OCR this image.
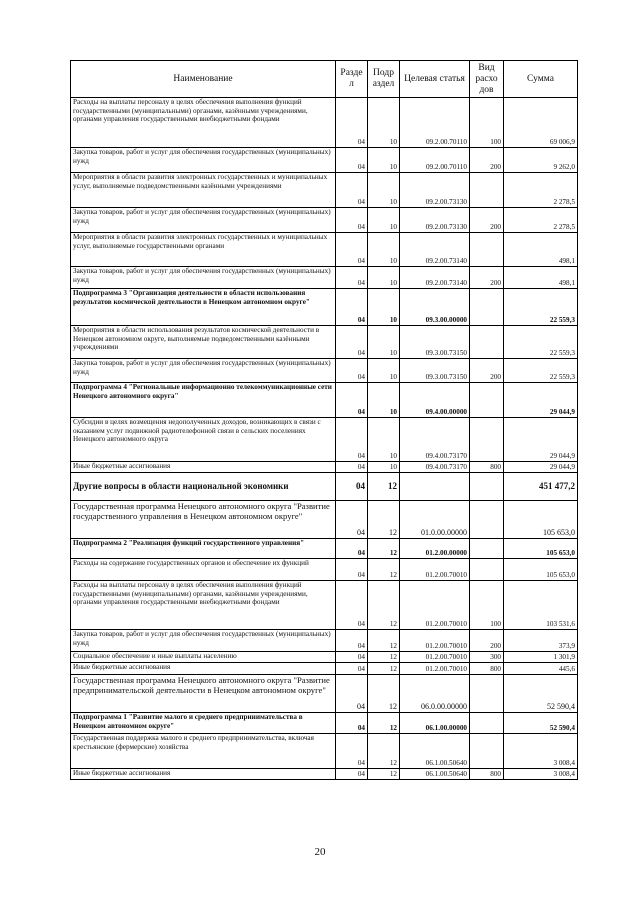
Наименование	Разде л	Подр аздел	Целевая статья	Вид расхо дов	Сумма
Расходы на выплаты персоналу в целях обеспечения выполнения функций государственными (муниципальными) органами, казёнными учреждениями, органами управления государственными внебюджетными фондами	04	10	09.2.00.70110	100	69 006,9
Закупка товаров, работ и услуг для обеспечения государственных (муниципальных) нужд	04	10	09.2.00.70110	200	9 262,0
Мероприятия в области развития электронных государственных и муниципальных услуг, выполняемые подведомственными казёнными учреждениями	04	10	09.2.00.73130		2 278,5
Закупка товаров, работ и услуг для обеспечения государственных (муниципальных) нужд	04	10	09.2.00.73130	200	2 278,5
Мероприятия в области развития электронных государственных и муниципальных услуг, выполняемые государственными органами	04	10	09.2.00.73140		498,1
Закупка товаров, работ и услуг для обеспечения государственных (муниципальных) нужд	04	10	09.2.00.73140	200	498,1
Подпрограмма 3 "Организация деятельности в области использования результатов космической деятельности в Ненецком автономном округе"	04	10	09.3.00.00000		22 559,3
Мероприятия в области использования результатов космической деятельности в Ненецком автономном округе, выполняемые подведомственными казёнными учреждениями	04	10	09.3.00.73150		22 559,3
Закупка товаров, работ и услуг для обеспечения государственных (муниципальных) нужд	04	10	09.3.00.73150	200	22 559,3
Подпрограмма 4 "Региональные информационно телекоммуникационные сети Ненецкого автономного округа"	04	10	09.4.00.00000		29 044,9
Субсидии в целях возмещения недополученных доходов, возникающих в связи с оказанием услуг подвижной радиотелефонной связи в сельских поселениях Ненецкого автономного округа	04	10	09.4.00.73170		29 044,9
Иные бюджетные ассигнования	04	10	09.4.00.73170	800	29 044,9
Другие вопросы в области национальной экономики	04	12			451 477,2
Государственная программа Ненецкого автономного округа "Развитие государственного управления в Ненецком автономном округе"	04	12	01.0.00.00000		105 653,0
Подпрограмма 2 "Реализация функций государственного управления"	04	12	01.2.00.00000		105 653,0
Расходы на содержание государственных органов и обеспечение их функций	04	12	01.2.00.70010		105 653,0
Расходы на выплаты персоналу в целях обеспечения выполнения функций государственными (муниципальными) органами, казёнными учреждениями, органами управления государственными внебюджетными фондами	04	12	01.2.00.70010	100	103 531,6
Закупка товаров, работ и услуг для обеспечения государственных (муниципальных) нужд	04	12	01.2.00.70010	200	373,9
Социальное обеспечение и иные выплаты населению	04	12	01.2.00.70010	300	1 301,9
Иные бюджетные ассигнования	04	12	01.2.00.70010	800	445,6
Государственная программа Ненецкого автономного округа "Развитие предпринимательской деятельности в Ненецком автономном округе"	04	12	06.0.00.00000		52 590,4
Подпрограмма 1 "Развитие малого и среднего предпринимательства в Ненецком автономном округе"	04	12	06.1.00.00000		52 590,4
Государственная поддержка малого и среднего предпринимательства, включая крестьянские (фермерские) хозяйства	04	12	06.1.00.50640		3 008,4
Иные бюджетные ассигнования	04	12	06.1.00.50640	800	3 008,4
20
